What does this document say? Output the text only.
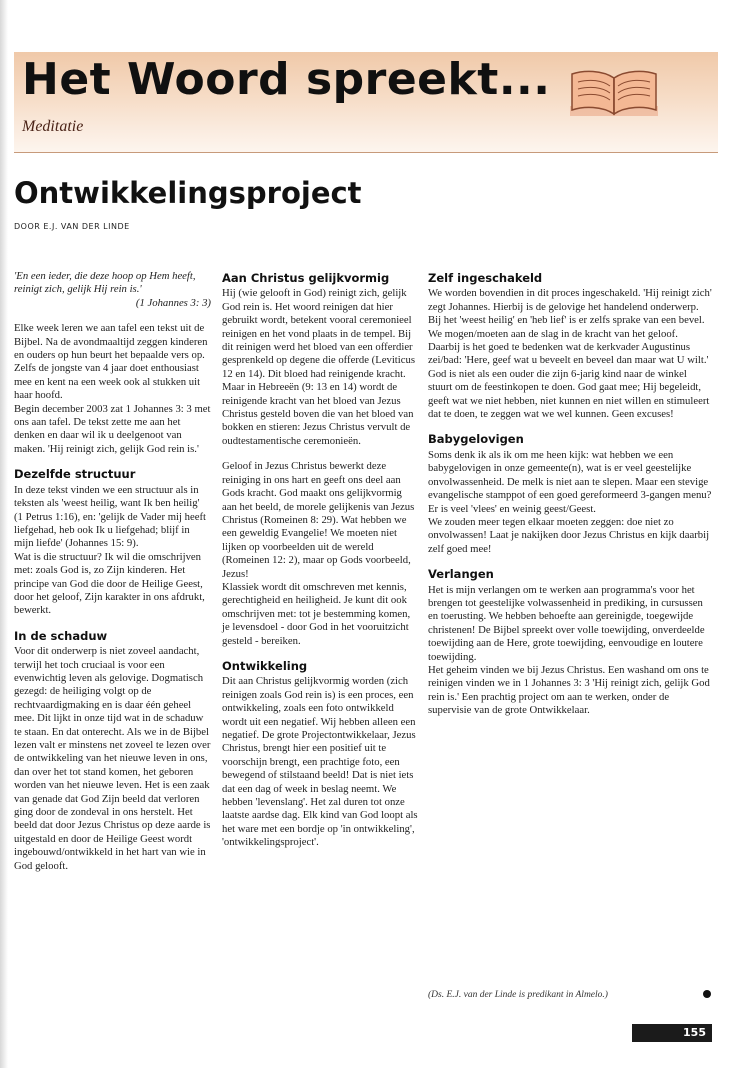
Het Woord spreekt...
Meditatie
Ontwikkelingsproject
DOOR E.J. VAN DER LINDE

'En een ieder, die deze hoop op Hem heeft, reinigt zich, gelijk Hij rein is.'
(1 Johannes 3: 3)

Elke week leren we aan tafel een tekst uit de Bijbel. Na de avondmaaltijd zeggen kinderen en ouders op hun beurt het bepaalde vers op. Zelfs de jongste van 4 jaar doet enthousiast mee en kent na een week ook al stukken uit haar hoofd.

Begin december 2003 zat 1 Johannes 3: 3 met ons aan tafel. De tekst zette me aan het denken en daar wil ik u deelgenoot van maken. 'Hij reinigt zich, gelijk God rein is.'

Dezelfde structuur

In deze tekst vinden we een structuur als in teksten als 'weest heilig, want Ik ben heilig' (1 Petrus 1:16), en: 'gelijk de Vader mij heeft liefgehad, heb ook Ik u liefgehad; blijf in mijn liefde' (Johannes 15: 9).

Wat is die structuur? Ik wil die omschrijven met: zoals God is, zo Zijn kinderen. Het principe van God die door de Heilige Geest, door het geloof, Zijn karakter in ons afdrukt, bewerkt.

In de schaduw

Voor dit onderwerp is niet zoveel aandacht, terwijl het toch cruciaal is voor een evenwichtig leven als gelovige. Dogmatisch gezegd: de heiliging volgt op de rechtvaardigmaking en is daar één geheel mee. Dit lijkt in onze tijd wat in de schaduw te staan. En dat onterecht. Als we in de Bijbel lezen valt er minstens net zoveel te lezen over de ontwikkeling van het nieuwe leven in ons, dan over het tot stand komen, het geboren worden van het nieuwe leven. Het is een zaak van genade dat God Zijn beeld dat verloren ging door de zondeval in ons herstelt. Het beeld dat door Jezus Christus op deze aarde is uitgestald en door de Heilige Geest wordt ingebouwd/ontwikkeld in het hart van wie in God gelooft.

Aan Christus gelijkvormig

Hij (wie gelooft in God) reinigt zich, gelijk God rein is. Het woord reinigen dat hier gebruikt wordt, betekent vooral ceremonieel reinigen en het vond plaats in de tempel. Bij dit reinigen werd het bloed van een offerdier gesprenkeld op degene die offerde (Leviticus 12 en 14). Dit bloed had reinigende kracht. Maar in Hebreeën (9: 13 en 14) wordt de reinigende kracht van het bloed van Jezus Christus gesteld boven die van het bloed van bokken en stieren: Jezus Christus vervult de oudtestamentische ceremonieën.

Geloof in Jezus Christus bewerkt deze reiniging in ons hart en geeft ons deel aan Gods kracht. God maakt ons gelijkvormig aan het beeld, de morele gelijkenis van Jezus Christus (Romeinen 8: 29). Wat hebben we een geweldig Evangelie! We moeten niet lijken op voorbeelden uit de wereld (Romeinen 12: 2), maar op Gods voorbeeld, Jezus!

Klassiek wordt dit omschreven met kennis, gerechtigheid en heiligheid. Je kunt dit ook omschrijven met: tot je bestemming komen, je levensdoel - door God in het vooruitzicht gesteld - bereiken.

Ontwikkeling

Dit aan Christus gelijkvormig worden (zich reinigen zoals God rein is) is een proces, een ontwikkeling, zoals een foto ontwikkeld wordt uit een negatief. Wij hebben alleen een negatief. De grote Projectontwikkelaar, Jezus Christus, brengt hier een positief uit te voorschijn brengt, een prachtige foto, een bewegend of stilstaand beeld! Dat is niet iets dat een dag of week in beslag neemt. We hebben 'levenslang'. Het zal duren tot onze laatste aardse dag. Elk kind van God loopt als het ware met een bordje op 'in ontwikkeling', 'ontwikkelingsproject'.

Zelf ingeschakeld

We worden bovendien in dit proces ingeschakeld. 'Hij reinigt zich' zegt Johannes. Hierbij is de gelovige het handelend onderwerp. Bij het 'weest heilig' en 'heb lief' is er zelfs sprake van een bevel. We mogen/moeten aan de slag in de kracht van het geloof. Daarbij is het goed te bedenken wat de kerkvader Augustinus zei/bad: 'Here, geef wat u beveelt en beveel dan maar wat U wilt.' God is niet als een ouder die zijn 6-jarig kind naar de winkel stuurt om de feestinkopen te doen. God gaat mee; Hij begeleidt, geeft wat we niet hebben, niet kunnen en niet willen en stimuleert dat te doen, te zeggen wat we wel kunnen. Geen excuses!

Babygelovigen

Soms denk ik als ik om me heen kijk: wat hebben we een babygelovigen in onze gemeente(n), wat is er veel geestelijke onvolwassenheid. De melk is niet aan te slepen. Maar een stevige evangelische stamppot of een goed gereformeerd 3-gangen menu? Er is veel 'vlees' en weinig geest/Geest.

We zouden meer tegen elkaar moeten zeggen: doe niet zo onvolwassen! Laat je nakijken door Jezus Christus en kijk daarbij zelf goed mee!

Verlangen

Het is mijn verlangen om te werken aan programma's voor het brengen tot geestelijke volwassenheid in prediking, in cursussen en toerusting. We hebben behoefte aan gereinigde, toegewijde christenen! De Bijbel spreekt over volle toewijding, onverdeelde toewijding aan de Here, grote toewijding, eenvoudige en loutere toewijding.

Het geheim vinden we bij Jezus Christus. Een washand om ons te reinigen vinden we in 1 Johannes 3: 3 'Hij reinigt zich, gelijk God rein is.' Een prachtig project om aan te werken, onder de supervisie van de grote Ontwikkelaar.

(Ds. E.J. van der Linde is predikant in Almelo.)
155
